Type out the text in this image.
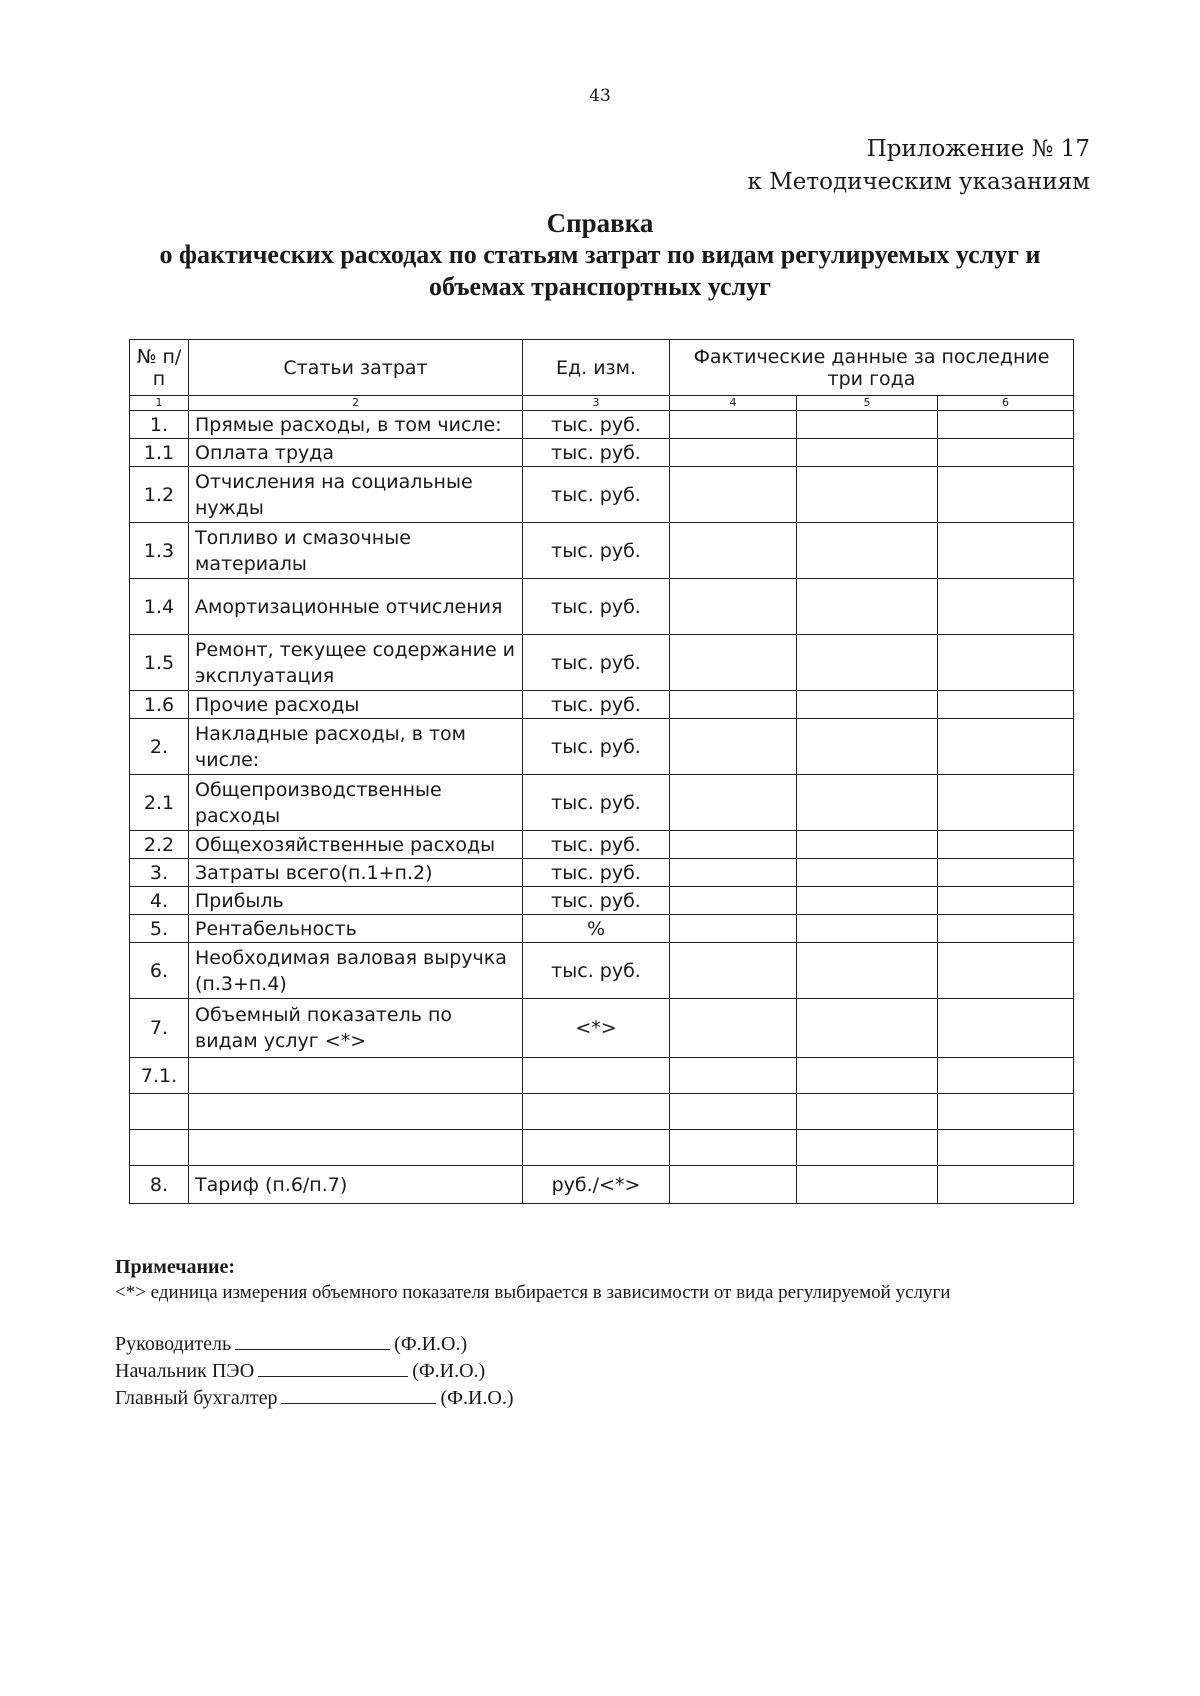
43
Приложение № 17
к Методическим указаниям
Справка
о фактических расходах по статьям затрат по видам регулируемых услуг и
объемах транспортных услуг
№ п/п	Статьи затрат	Ед. изм.	Фактические данные за последние три года		
1	2	3	4	5	6
1.	Прямые расходы, в том числе:	тыс. руб.			
1.1	Оплата труда	тыс. руб.			
1.2	Отчисления на социальные нужды	тыс. руб.			
1.3	Топливо и смазочные материалы	тыс. руб.			
1.4	Амортизационные отчисления	тыс. руб.			
1.5	Ремонт, текущее содержание и эксплуатация	тыс. руб.			
1.6	Прочие расходы	тыс. руб.			
2.	Накладные расходы, в том числе:	тыс. руб.			
2.1	Общепроизводственные расходы	тыс. руб.			
2.2	Общехозяйственные расходы	тыс. руб.			
3.	Затраты всего(п.1+п.2)	тыс. руб.			
4.	Прибыль	тыс. руб.			
5.	Рентабельность	%			
6.	Необходимая валовая выручка (п.3+п.4)	тыс. руб.			
7.	Объемный показатель по видам услуг <*>	<*>			
7.1.					

8.	Тариф (п.6/п.7)	руб./<*>			
Примечание:
<*> единица измерения объемного показателя выбирается в зависимости от вида регулируемой услуги
Руководитель	(Ф.И.О.)
Начальник ПЭО	(Ф.И.О.)
Главный бухгалтер	(Ф.И.О.)
